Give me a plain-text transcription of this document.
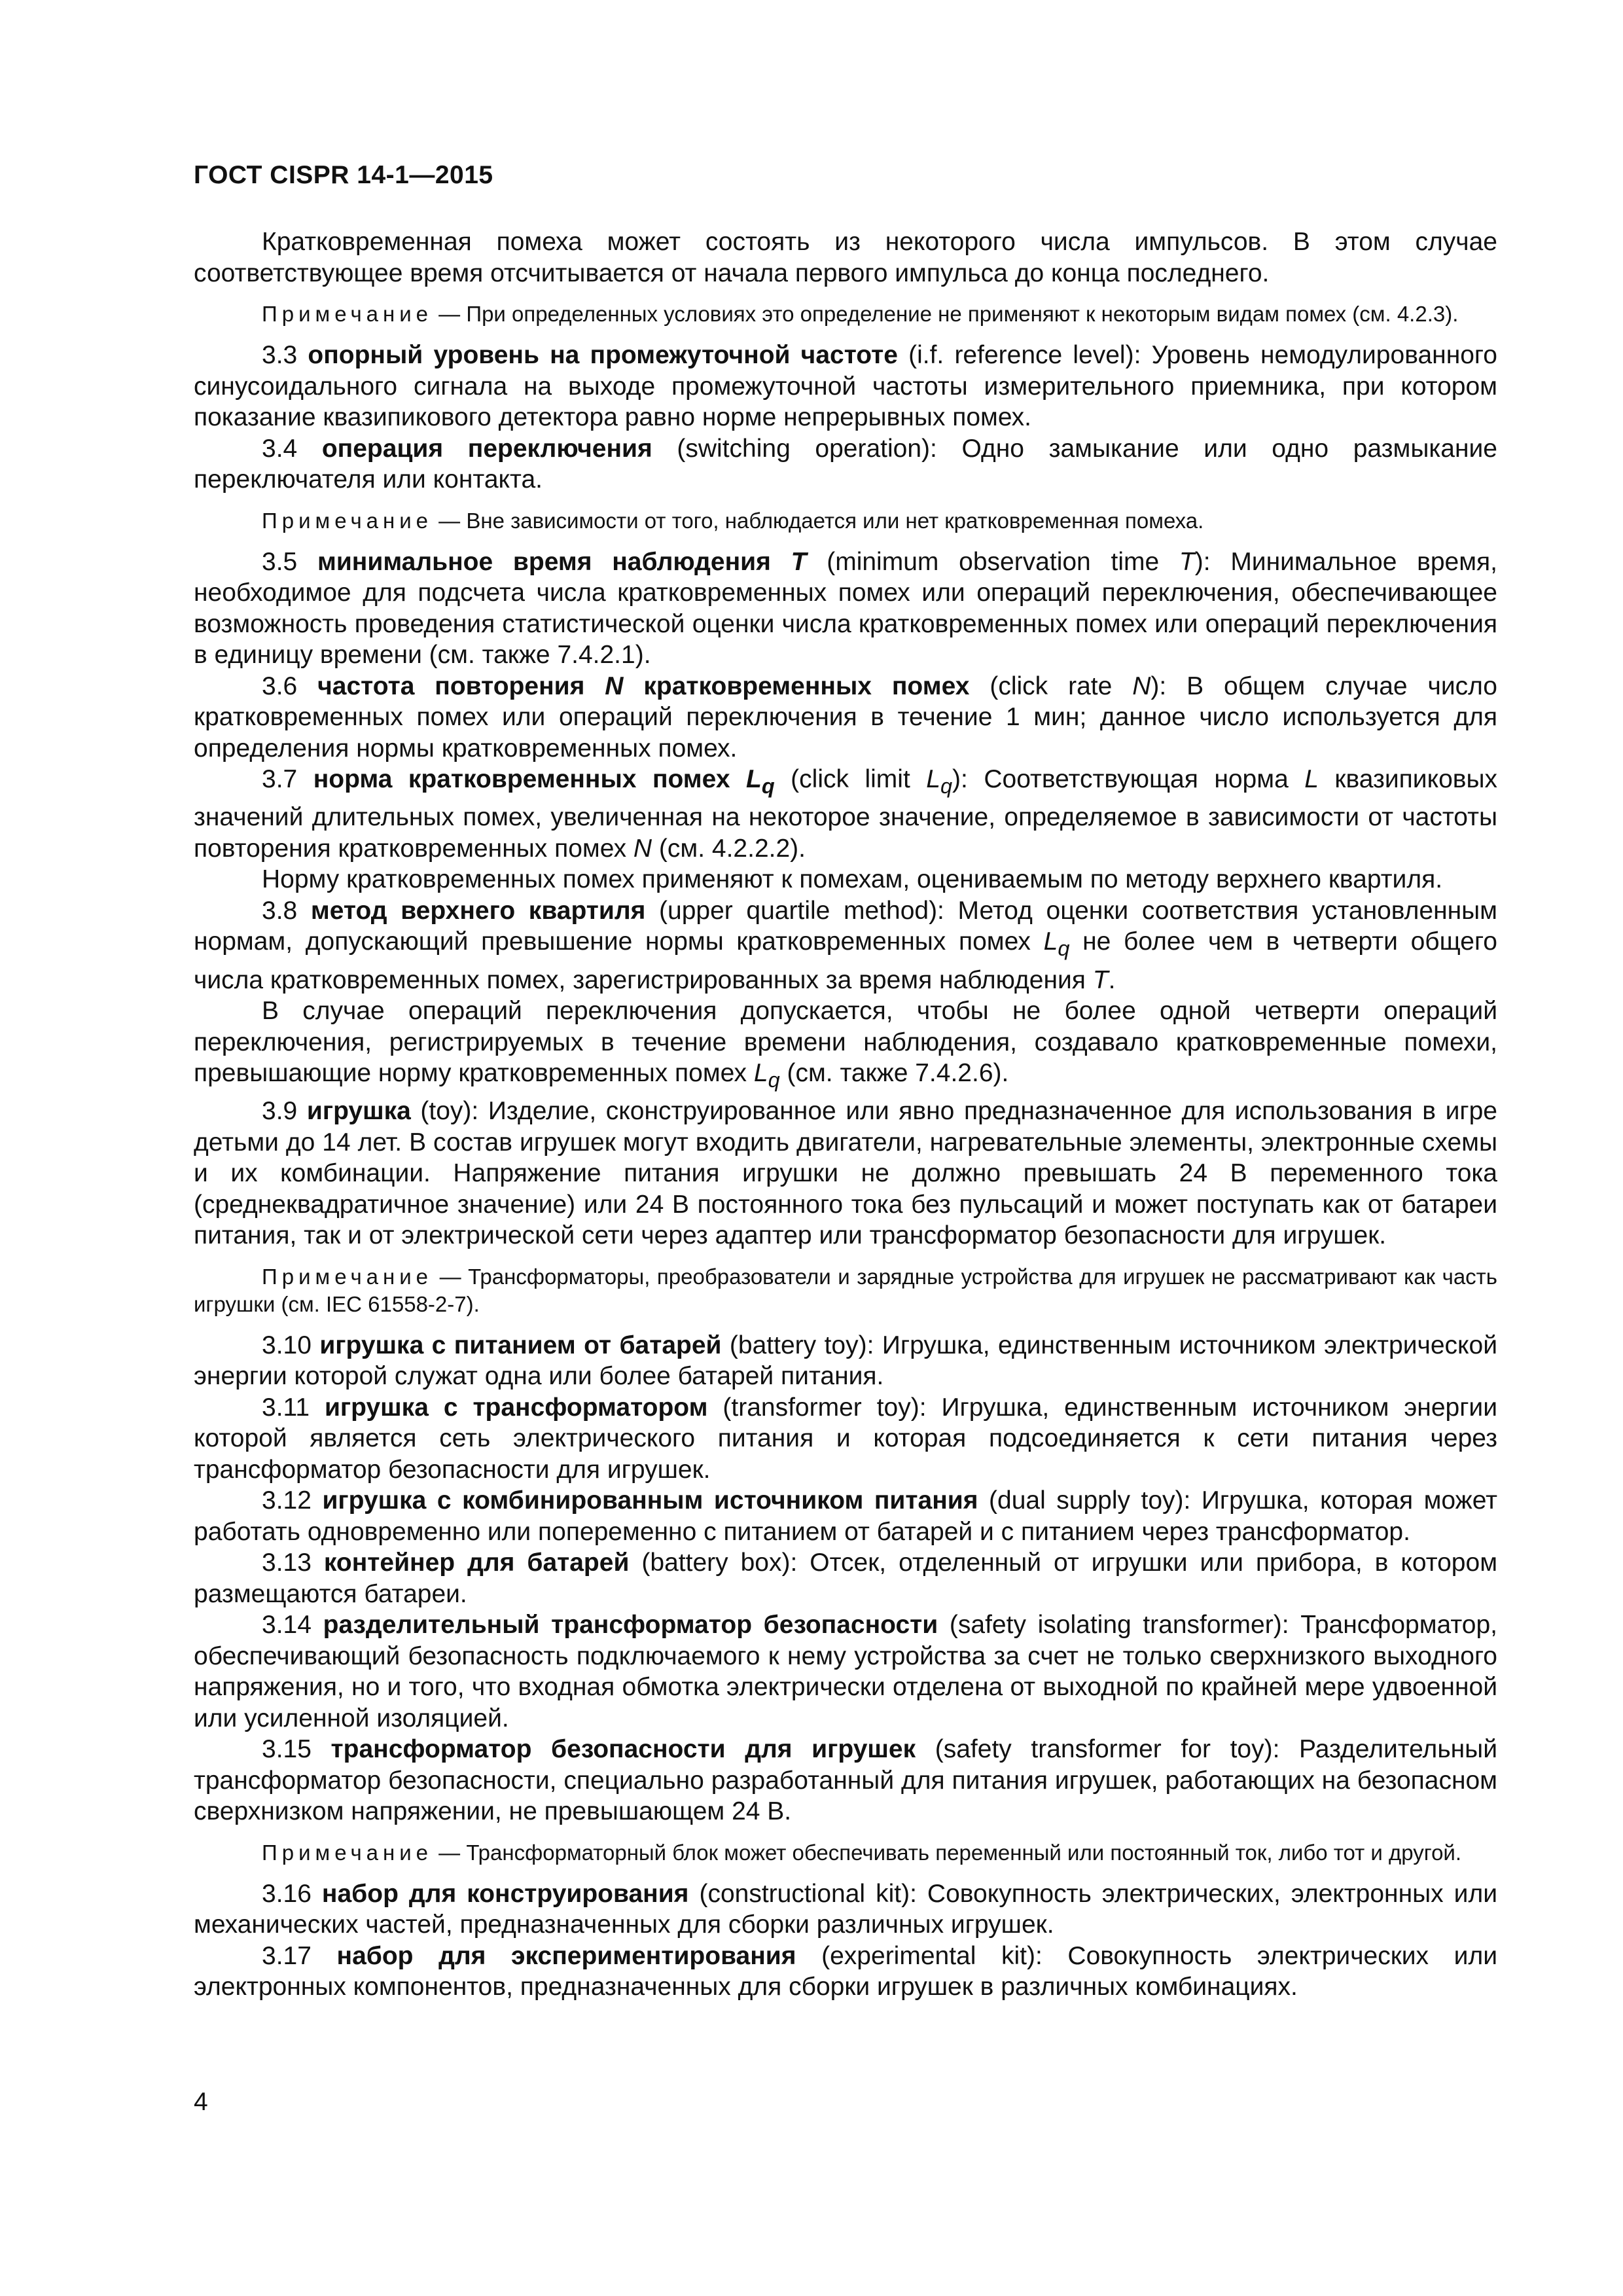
ГОСТ CISPR 14-1—2015

Кратковременная помеха может состоять из некоторого числа импульсов. В этом случае соответствующее время отсчитывается от начала первого импульса до конца последнего.

Примечание — При определенных условиях это определение не применяют к некоторым видам помех (см. 4.2.3).

3.3 опорный уровень на промежуточной частоте (i.f. reference level): Уровень немодулированного синусоидального сигнала на выходе промежуточной частоты измерительного приемника, при котором показание квазипикового детектора равно норме непрерывных помех.

3.4 операция переключения (switching operation): Одно замыкание или одно размыкание переключателя или контакта.

Примечание — Вне зависимости от того, наблюдается или нет кратковременная помеха.

3.5 минимальное время наблюдения T (minimum observation time T): Минимальное время, необходимое для подсчета числа кратковременных помех или операций переключения, обеспечивающее возможность проведения статистической оценки числа кратковременных помех или операций переключения в единицу времени (см. также 7.4.2.1).

3.6 частота повторения N кратковременных помех (click rate N): В общем случае число кратковременных помех или операций переключения в течение 1 мин; данное число используется для определения нормы кратковременных помех.

3.7 норма кратковременных помех $L_q$ (click limit $L_q$): Соответствующая норма L квазипиковых значений длительных помех, увеличенная на некоторое значение, определяемое в зависимости от частоты повторения кратковременных помех N (см. 4.2.2.2).

Норму кратковременных помех применяют к помехам, оцениваемым по методу верхнего квартиля.

3.8 метод верхнего квартиля (upper quartile method): Метод оценки соответствия установленным нормам, допускающий превышение нормы кратковременных помех $L_q$ не более чем в четверти общего числа кратковременных помех, зарегистрированных за время наблюдения T.

В случае операций переключения допускается, чтобы не более одной четверти операций переключения, регистрируемых в течение времени наблюдения, создавало кратковременные помехи, превышающие норму кратковременных помех $L_q$ (см. также 7.4.2.6).

3.9 игрушка (toy): Изделие, сконструированное или явно предназначенное для использования в игре детьми до 14 лет. В состав игрушек могут входить двигатели, нагревательные элементы, электронные схемы и их комбинации. Напряжение питания игрушки не должно превышать 24 В переменного тока (среднеквадратичное значение) или 24 В постоянного тока без пульсаций и может поступать как от батареи питания, так и от электрической сети через адаптер или трансформатор безопасности для игрушек.

Примечание — Трансформаторы, преобразователи и зарядные устройства для игрушек не рассматривают как часть игрушки (см. IEC 61558-2-7).

3.10 игрушка с питанием от батарей (battery toy): Игрушка, единственным источником электрической энергии которой служат одна или более батарей питания.

3.11 игрушка с трансформатором (transformer toy): Игрушка, единственным источником энергии которой является сеть электрического питания и которая подсоединяется к сети питания через трансформатор безопасности для игрушек.

3.12 игрушка с комбинированным источником питания (dual supply toy): Игрушка, которая может работать одновременно или попеременно с питанием от батарей и с питанием через трансформатор.

3.13 контейнер для батарей (battery box): Отсек, отделенный от игрушки или прибора, в котором размещаются батареи.

3.14 разделительный трансформатор безопасности (safety isolating transformer): Трансформатор, обеспечивающий безопасность подключаемого к нему устройства за счет не только сверхнизкого выходного напряжения, но и того, что входная обмотка электрически отделена от выходной по крайней мере удвоенной или усиленной изоляцией.

3.15 трансформатор безопасности для игрушек (safety transformer for toy): Разделительный трансформатор безопасности, специально разработанный для питания игрушек, работающих на безопасном сверхнизком напряжении, не превышающем 24 В.

Примечание — Трансформаторный блок может обеспечивать переменный или постоянный ток, либо тот и другой.

3.16 набор для конструирования (constructional kit): Совокупность электрических, электронных или механических частей, предназначенных для сборки различных игрушек.

3.17 набор для экспериментирования (experimental kit): Совокупность электрических или электронных компонентов, предназначенных для сборки игрушек в различных комбинациях.

4
